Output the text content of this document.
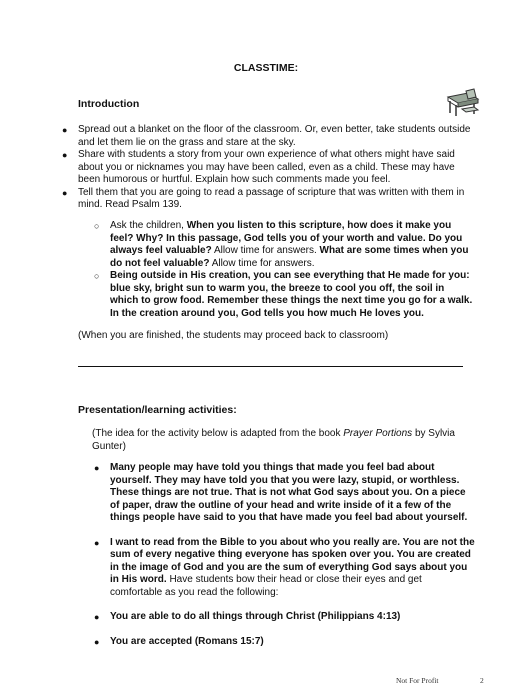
CLASSTIME:
Introduction
● Spread out a blanket on the floor of the classroom. Or, even better, take students outside and let them lie on the grass and stare at the sky.
● Share with students a story from your own experience of what others might have said about you or nicknames you may have been called, even as a child. These may have been humorous or hurtful. Explain how such comments made you feel.
● Tell them that you are going to read a passage of scripture that was written with them in mind. Read Psalm 139.
○ Ask the children, When you listen to this scripture, how does it make you feel? Why? In this passage, God tells you of your worth and value. Do you always feel valuable? Allow time for answers. What are some times when you do not feel valuable? Allow time for answers.
○ Being outside in His creation, you can see everything that He made for you: blue sky, bright sun to warm you, the breeze to cool you off, the soil in which to grow food. Remember these things the next time you go for a walk. In the creation around you, God tells you how much He loves you.
(When you are finished, the students may proceed back to classroom)
Presentation/learning activities:
(The idea for the activity below is adapted from the book Prayer Portions by Sylvia Gunter)
● Many people may have told you things that made you feel bad about yourself. They may have told you that you were lazy, stupid, or worthless. These things are not true. That is not what God says about you. On a piece of paper, draw the outline of your head and write inside of it a few of the things people have said to you that have made you feel bad about yourself.
● I want to read from the Bible to you about who you really are. You are not the sum of every negative thing everyone has spoken over you. You are created in the image of God and you are the sum of everything God says about you in His word. Have students bow their head or close their eyes and get comfortable as you read the following:
● You are able to do all things through Christ (Philippians 4:13)
● You are accepted (Romans 15:7)
Not For Profit	2
